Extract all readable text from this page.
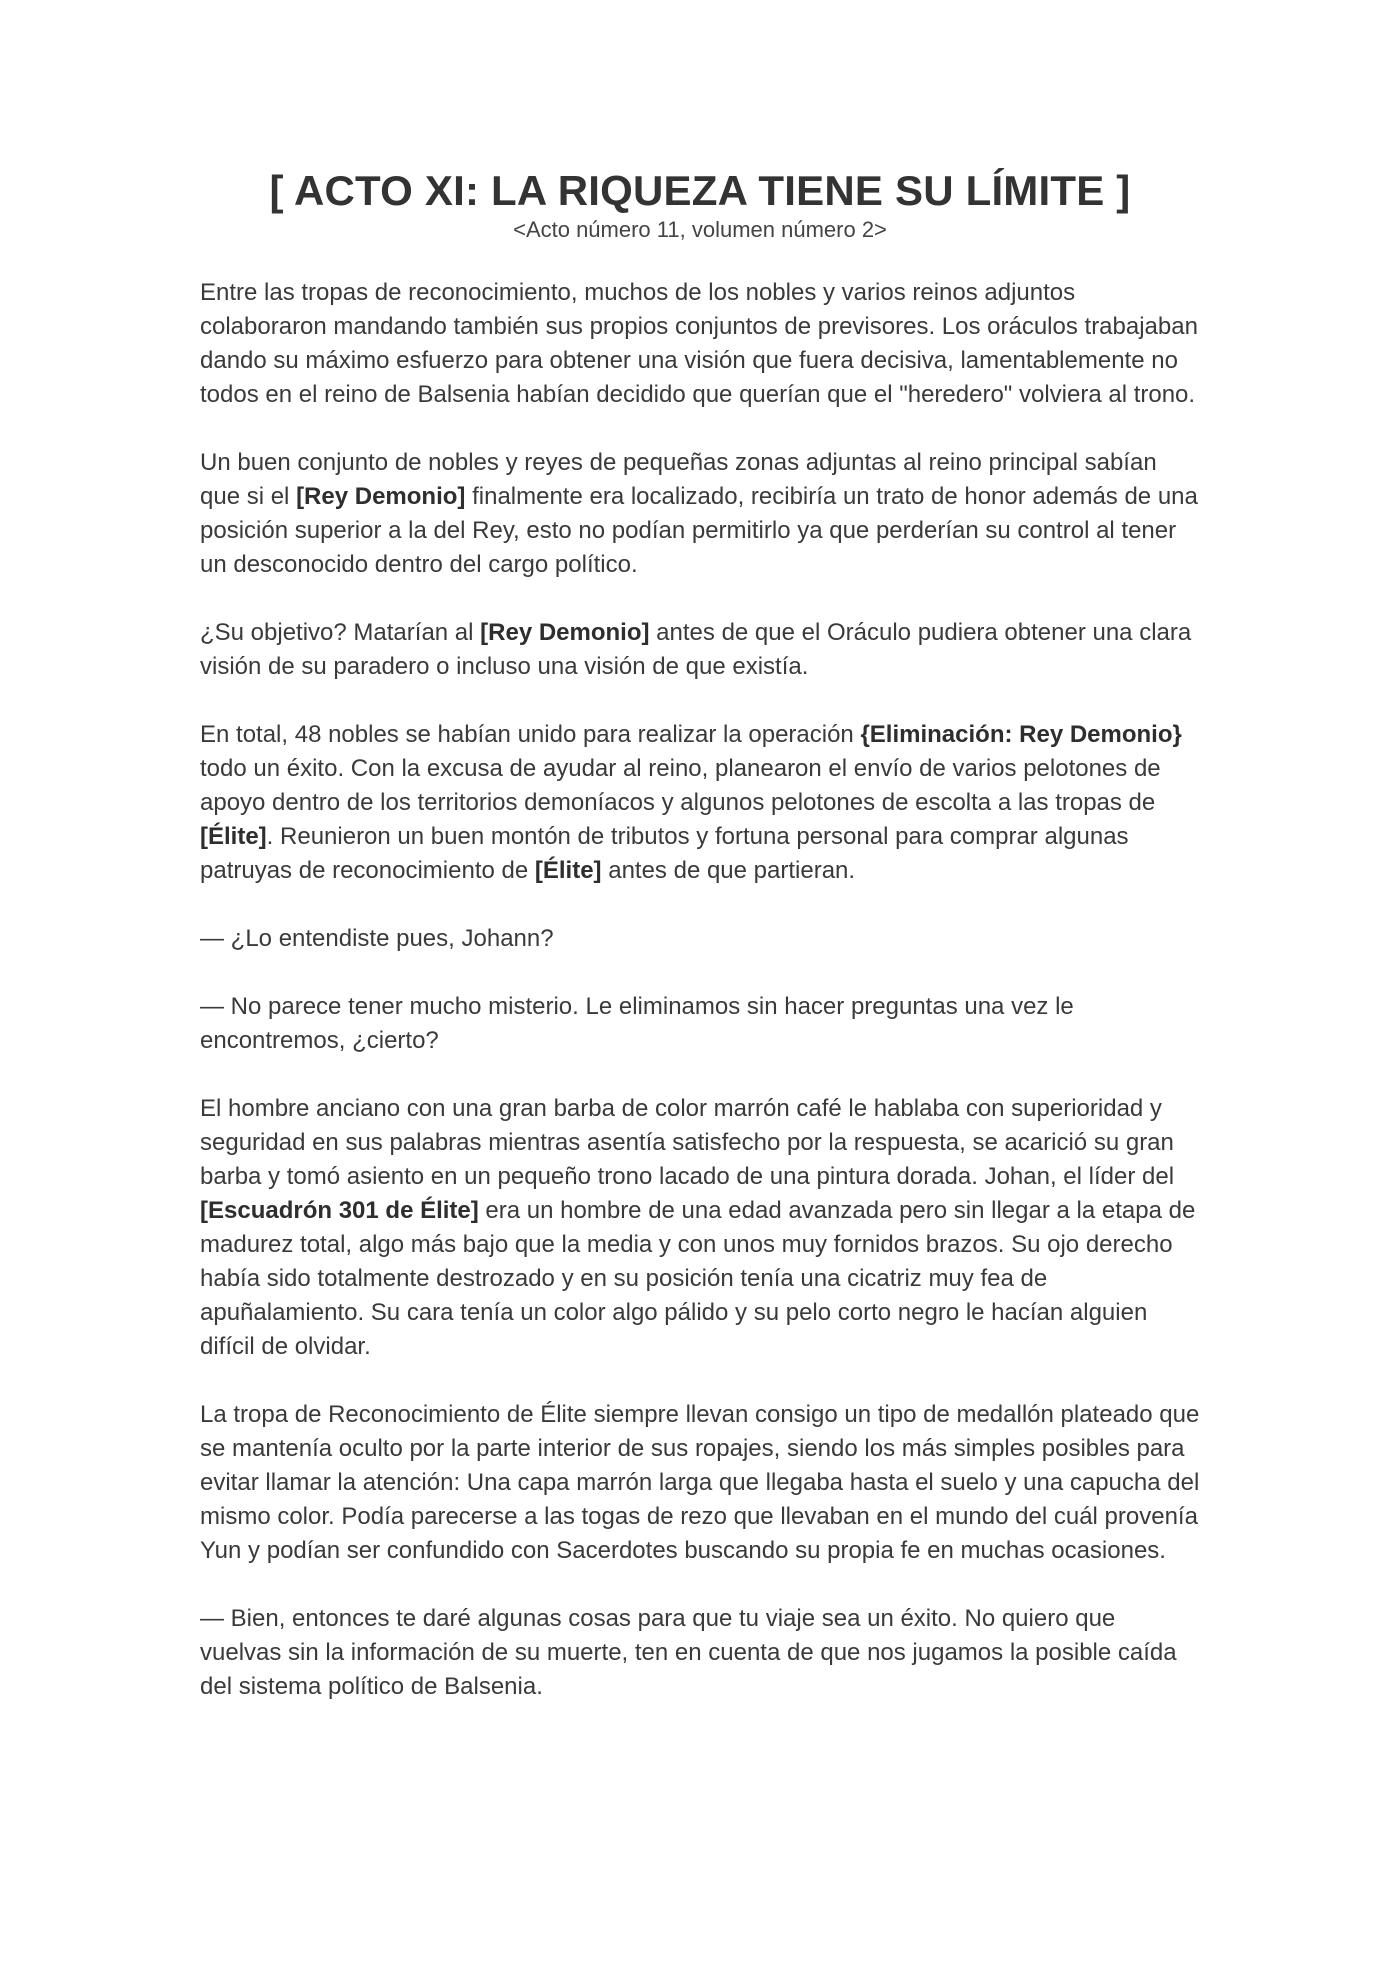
[ ACTO XI: LA RIQUEZA TIENE SU LÍMITE ]
<Acto número 11, volumen número 2>

Entre las tropas de reconocimiento, muchos de los nobles y varios reinos adjuntos colaboraron mandando también sus propios conjuntos de previsores. Los oráculos trabajaban dando su máximo esfuerzo para obtener una visión que fuera decisiva, lamentablemente no todos en el reino de Balsenia habían decidido que querían que el "heredero" volviera al trono.

Un buen conjunto de nobles y reyes de pequeñas zonas adjuntas al reino principal sabían que si el [Rey Demonio] finalmente era localizado, recibiría un trato de honor además de una posición superior a la del Rey, esto no podían permitirlo ya que perderían su control al tener un desconocido dentro del cargo político.

¿Su objetivo? Matarían al [Rey Demonio] antes de que el Oráculo pudiera obtener una clara visión de su paradero o incluso una visión de que existía.

En total, 48 nobles se habían unido para realizar la operación {Eliminación: Rey Demonio} todo un éxito. Con la excusa de ayudar al reino, planearon el envío de varios pelotones de apoyo dentro de los territorios demoníacos y algunos pelotones de escolta a las tropas de [Élite]. Reunieron un buen montón de tributos y fortuna personal para comprar algunas patruyas de reconocimiento de [Élite] antes de que partieran.

— ¿Lo entendiste pues, Johann?

— No parece tener mucho misterio. Le eliminamos sin hacer preguntas una vez le encontremos, ¿cierto?

El hombre anciano con una gran barba de color marrón café le hablaba con superioridad y seguridad en sus palabras mientras asentía satisfecho por la respuesta, se acarició su gran barba y tomó asiento en un pequeño trono lacado de una pintura dorada. Johan, el líder del [Escuadrón 301 de Élite] era un hombre de una edad avanzada pero sin llegar a la etapa de madurez total, algo más bajo que la media y con unos muy fornidos brazos. Su ojo derecho había sido totalmente destrozado y en su posición tenía una cicatriz muy fea de apuñalamiento. Su cara tenía un color algo pálido y su pelo corto negro le hacían alguien difícil de olvidar.

La tropa de Reconocimiento de Élite siempre llevan consigo un tipo de medallón plateado que se mantenía oculto por la parte interior de sus ropajes, siendo los más simples posibles para evitar llamar la atención: Una capa marrón larga que llegaba hasta el suelo y una capucha del mismo color. Podía parecerse a las togas de rezo que llevaban en el mundo del cuál provenía Yun y podían ser confundido con Sacerdotes buscando su propia fe en muchas ocasiones.

— Bien, entonces te daré algunas cosas para que tu viaje sea un éxito. No quiero que vuelvas sin la información de su muerte, ten en cuenta de que nos jugamos la posible caída del sistema político de Balsenia.
